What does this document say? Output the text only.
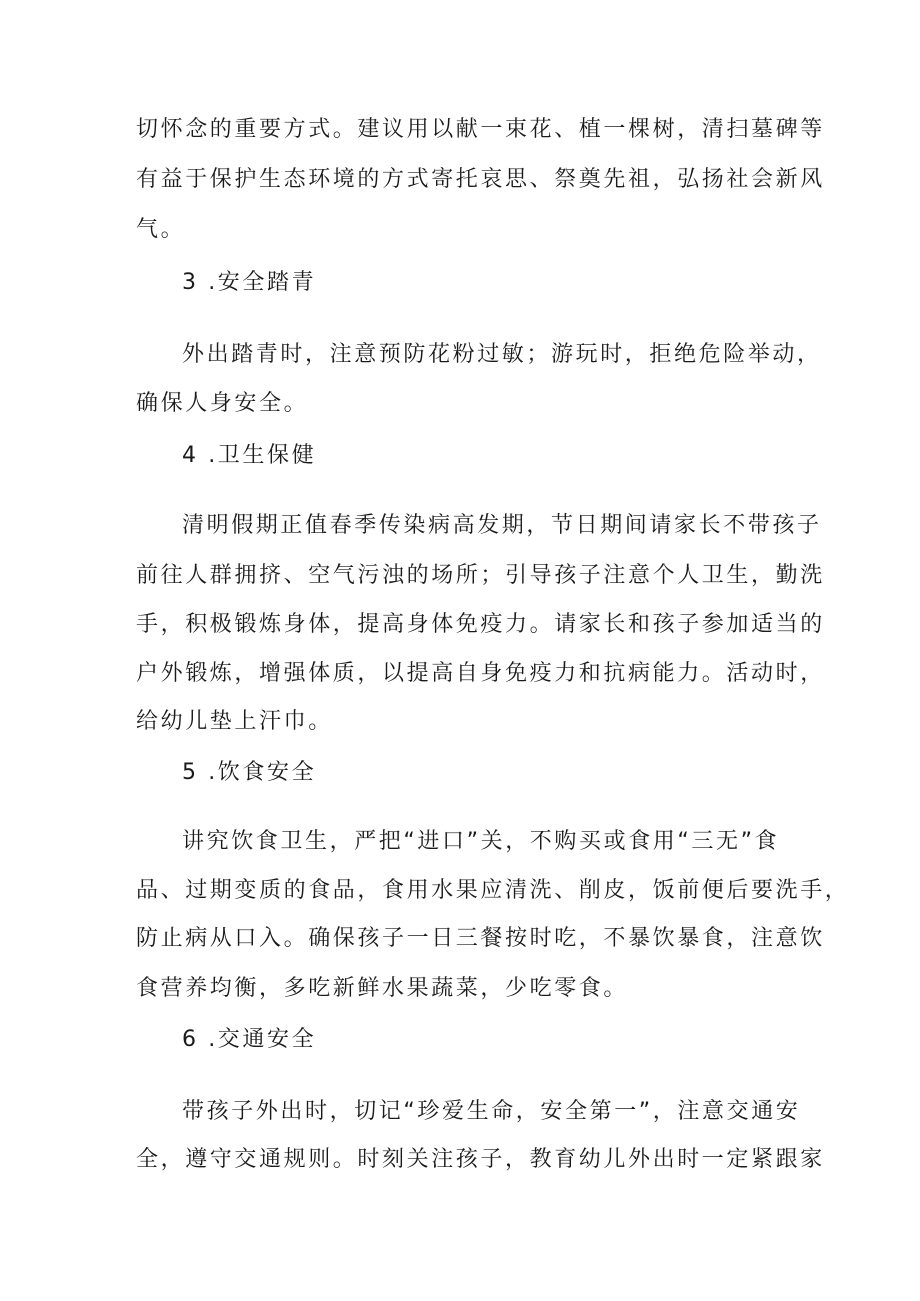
切怀念的重要方式。建议用以献一束花、植一棵树，清扫墓碑等
有益于保护生态环境的方式寄托哀思、祭奠先祖，弘扬社会新风
气。
3 .安全踏青
外出踏青时，注意预防花粉过敏；游玩时，拒绝危险举动，
确保人身安全。
4 .卫生保健
清明假期正值春季传染病高发期，节日期间请家长不带孩子
前往人群拥挤、空气污浊的场所；引导孩子注意个人卫生，勤洗
手，积极锻炼身体，提高身体免疫力。请家长和孩子参加适当的
户外锻炼，增强体质，以提高自身免疫力和抗病能力。活动时，
给幼儿垫上汗巾。
5 .饮食安全
讲究饮食卫生，严把“进口”关，不购买或食用“三无”食
品、过期变质的食品，食用水果应清洗、削皮，饭前便后要洗手，
防止病从口入。确保孩子一日三餐按时吃，不暴饮暴食，注意饮
食营养均衡，多吃新鲜水果蔬菜，少吃零食。
6 .交通安全
带孩子外出时，切记“珍爱生命，安全第一”，注意交通安
全，遵守交通规则。时刻关注孩子，教育幼儿外出时一定紧跟家
